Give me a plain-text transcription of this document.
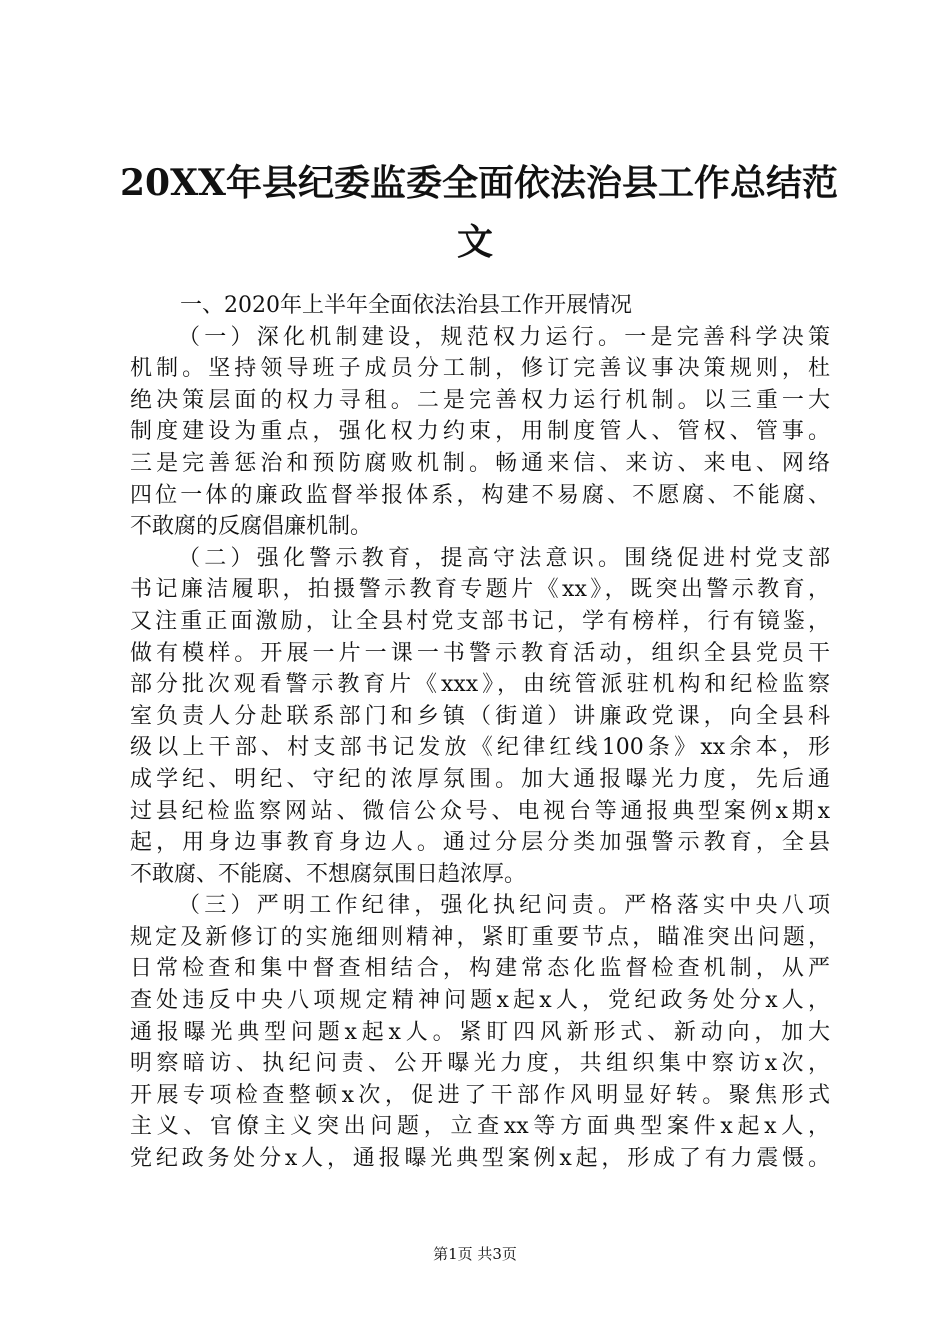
20XX年县纪委监委全面依法治县工作总结范
文
一、2020年上半年全面依法治县工作开展情况
（一）深化机制建设，规范权力运行。一是完善科学决策
机制。坚持领导班子成员分工制，修订完善议事决策规则，杜
绝决策层面的权力寻租。二是完善权力运行机制。以三重一大
制度建设为重点，强化权力约束，用制度管人、管权、管事。
三是完善惩治和预防腐败机制。畅通来信、来访、来电、网络
四位一体的廉政监督举报体系，构建不易腐、不愿腐、不能腐、
不敢腐的反腐倡廉机制。
（二）强化警示教育，提高守法意识。围绕促进村党支部
书记廉洁履职，拍摄警示教育专题片《xx》，既突出警示教育，
又注重正面激励，让全县村党支部书记，学有榜样，行有镜鉴，
做有模样。开展一片一课一书警示教育活动，组织全县党员干
部分批次观看警示教育片《xxx》，由统管派驻机构和纪检监察
室负责人分赴联系部门和乡镇（街道）讲廉政党课，向全县科
级以上干部、村支部书记发放《纪律红线100条》xx余本，形
成学纪、明纪、守纪的浓厚氛围。加大通报曝光力度，先后通
过县纪检监察网站、微信公众号、电视台等通报典型案例x期x
起，用身边事教育身边人。通过分层分类加强警示教育，全县
不敢腐、不能腐、不想腐氛围日趋浓厚。
（三）严明工作纪律，强化执纪问责。严格落实中央八项
规定及新修订的实施细则精神，紧盯重要节点，瞄准突出问题，
日常检查和集中督查相结合，构建常态化监督检查机制，从严
查处违反中央八项规定精神问题x起x人，党纪政务处分x人，
通报曝光典型问题x起x人。紧盯四风新形式、新动向，加大
明察暗访、执纪问责、公开曝光力度，共组织集中察访x次，
开展专项检查整顿x次，促进了干部作风明显好转。聚焦形式
主义、官僚主义突出问题，立查xx等方面典型案件x起x人，
党纪政务处分x人，通报曝光典型案例x起，形成了有力震慑。
第1页 共3页
